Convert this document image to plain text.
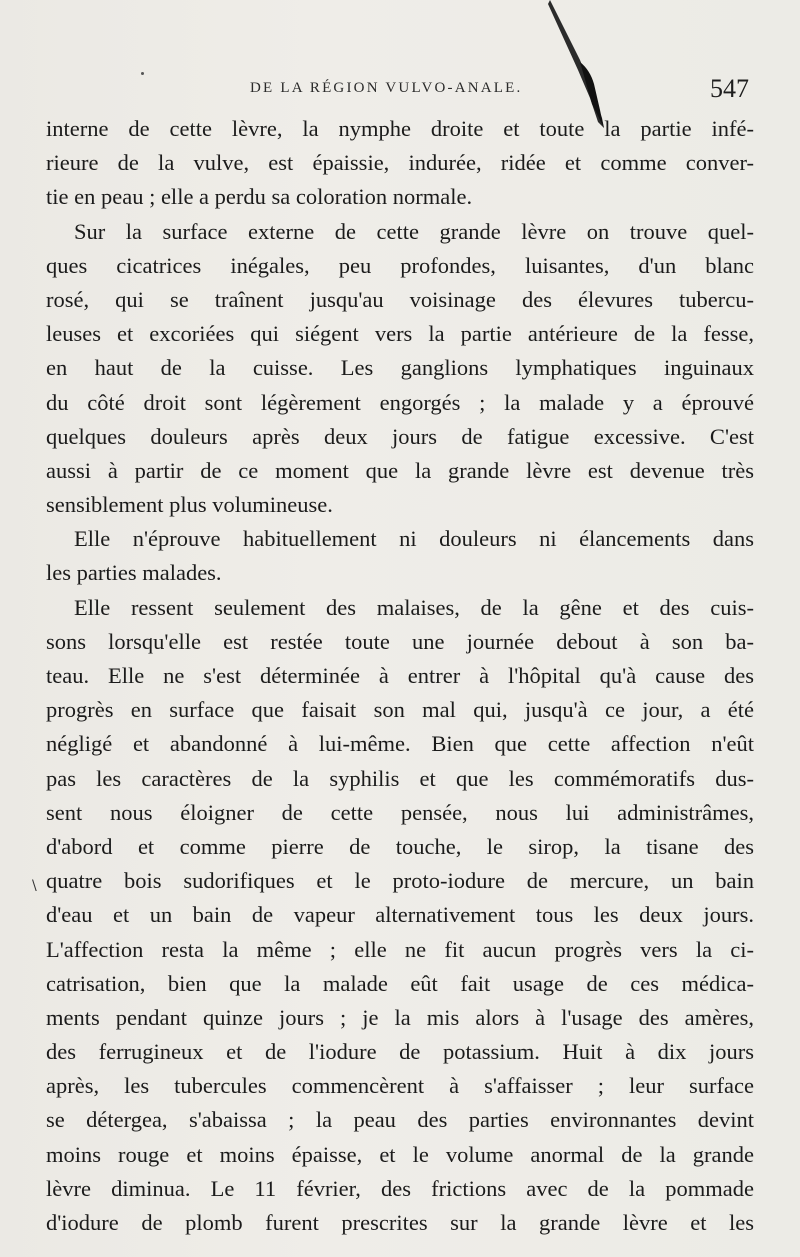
DE LA RÉGION VULVO-ANALE.	547
\
interne de cette lèvre, la nymphe droite et toute la partie infé-
rieure de la vulve, est épaissie, indurée, ridée et comme conver-
tie en peau ; elle a perdu sa coloration normale.
Sur la surface externe de cette grande lèvre on trouve quel-
ques cicatrices inégales, peu profondes, luisantes, d'un blanc
rosé, qui se traînent jusqu'au voisinage des élevures tubercu-
leuses et excoriées qui siégent vers la partie antérieure de la fesse,
en haut de la cuisse. Les ganglions lymphatiques inguinaux
du côté droit sont légèrement engorgés ; la malade y a éprouvé
quelques douleurs après deux jours de fatigue excessive. C'est
aussi à partir de ce moment que la grande lèvre est devenue très
sensiblement plus volumineuse.
Elle n'éprouve habituellement ni douleurs ni élancements dans
les parties malades.
Elle ressent seulement des malaises, de la gêne et des cuis-
sons lorsqu'elle est restée toute une journée debout à son ba-
teau. Elle ne s'est déterminée à entrer à l'hôpital qu'à cause des
progrès en surface que faisait son mal qui, jusqu'à ce jour, a été
négligé et abandonné à lui-même. Bien que cette affection n'eût
pas les caractères de la syphilis et que les commémoratifs dus-
sent nous éloigner de cette pensée, nous lui administrâmes,
d'abord et comme pierre de touche, le sirop, la tisane des
quatre bois sudorifiques et le proto-iodure de mercure, un bain
d'eau et un bain de vapeur alternativement tous les deux jours.
L'affection resta la même ; elle ne fit aucun progrès vers la ci-
catrisation, bien que la malade eût fait usage de ces médica-
ments pendant quinze jours ; je la mis alors à l'usage des amères,
des ferrugineux et de l'iodure de potassium. Huit à dix jours
après, les tubercules commencèrent à s'affaisser ; leur surface
se détergea, s'abaissa ; la peau des parties environnantes devint
moins rouge et moins épaisse, et le volume anormal de la grande
lèvre diminua. Le 11 février, des frictions avec de la pommade
d'iodure de plomb furent prescrites sur la grande lèvre et les
